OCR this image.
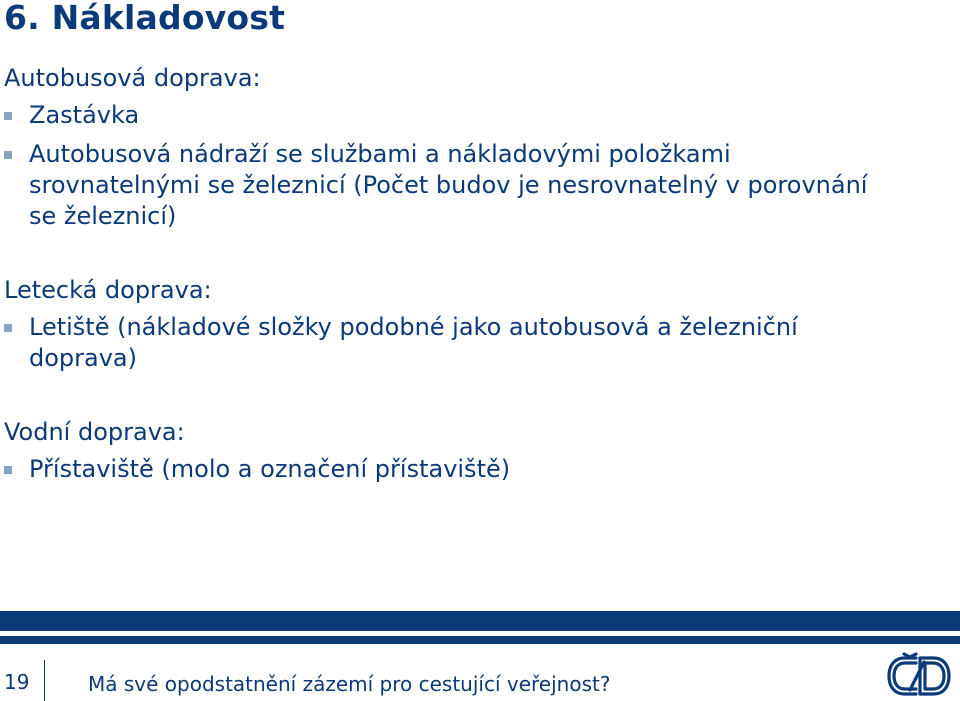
6. Nákladovost
Autobusová doprava:
Zastávka
Autobusová nádraží se službami a nákladovými položkami srovnatelnými se železnicí (Počet budov je nesrovnatelný v porovnání se železnicí)
Letecká doprava:
Letiště (nákladové složky podobné jako autobusová a železniční doprava)
Vodní doprava:
Přístaviště (molo a označení přístaviště)
19	Má své opodstatnění zázemí pro cestující veřejnost?
